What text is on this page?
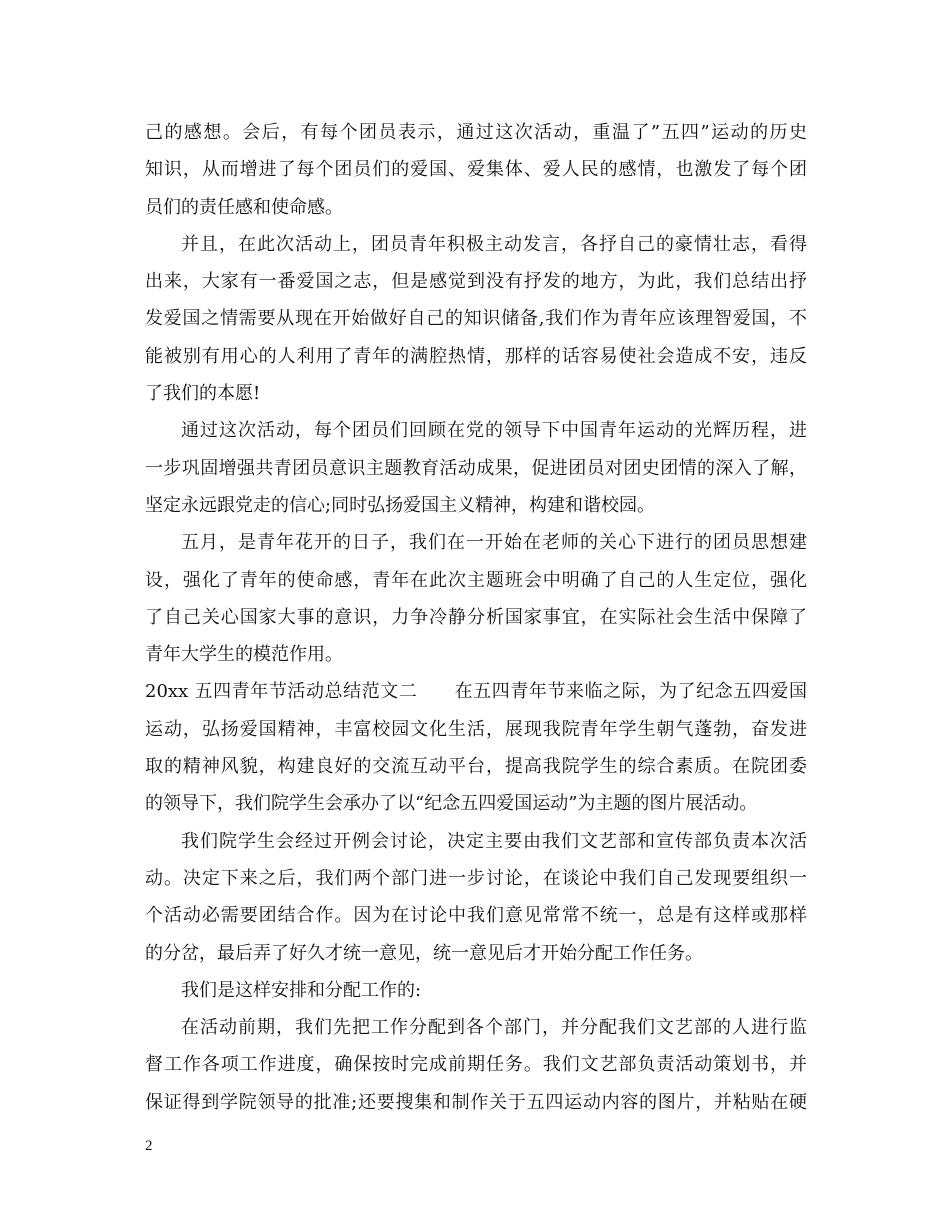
己的感想。会后，有每个团员表示，通过这次活动，重温了”五四”运动的历史
知识，从而增进了每个团员们的爱国、爱集体、爱人民的感情，也激发了每个团
员们的责任感和使命感。
并且，在此次活动上，团员青年积极主动发言，各抒自己的豪情壮志，看得
出来，大家有一番爱国之志，但是感觉到没有抒发的地方，为此，我们总结出抒
发爱国之情需要从现在开始做好自己的知识储备,我们作为青年应该理智爱国，不
能被别有用心的人利用了青年的满腔热情，那样的话容易使社会造成不安，违反
了我们的本愿!
通过这次活动，每个团员们回顾在党的领导下中国青年运动的光辉历程，进
一步巩固增强共青团员意识主题教育活动成果，促进团员对团史团情的深入了解，
坚定永远跟党走的信心;同时弘扬爱国主义精神，构建和谐校园。
五月，是青年花开的日子，我们在一开始在老师的关心下进行的团员思想建
设，强化了青年的使命感，青年在此次主题班会中明确了自己的人生定位，强化
了自己关心国家大事的意识，力争冷静分析国家事宜，在实际社会生活中保障了
青年大学生的模范作用。
20xx 五四青年节活动总结范文二　　在五四青年节来临之际，为了纪念五四爱国
运动，弘扬爱国精神，丰富校园文化生活，展现我院青年学生朝气蓬勃，奋发进
取的精神风貌，构建良好的交流互动平台，提高我院学生的综合素质。在院团委
的领导下，我们院学生会承办了以“纪念五四爱国运动”为主题的图片展活动。
我们院学生会经过开例会讨论，决定主要由我们文艺部和宣传部负责本次活
动。决定下来之后，我们两个部门进一步讨论，在谈论中我们自己发现要组织一
个活动必需要团结合作。因为在讨论中我们意见常常不统一，总是有这样或那样
的分岔，最后弄了好久才统一意见，统一意见后才开始分配工作任务。
我们是这样安排和分配工作的:
在活动前期，我们先把工作分配到各个部门，并分配我们文艺部的人进行监
督工作各项工作进度，确保按时完成前期任务。我们文艺部负责活动策划书，并
保证得到学院领导的批准;还要搜集和制作关于五四运动内容的图片，并粘贴在硬
2
